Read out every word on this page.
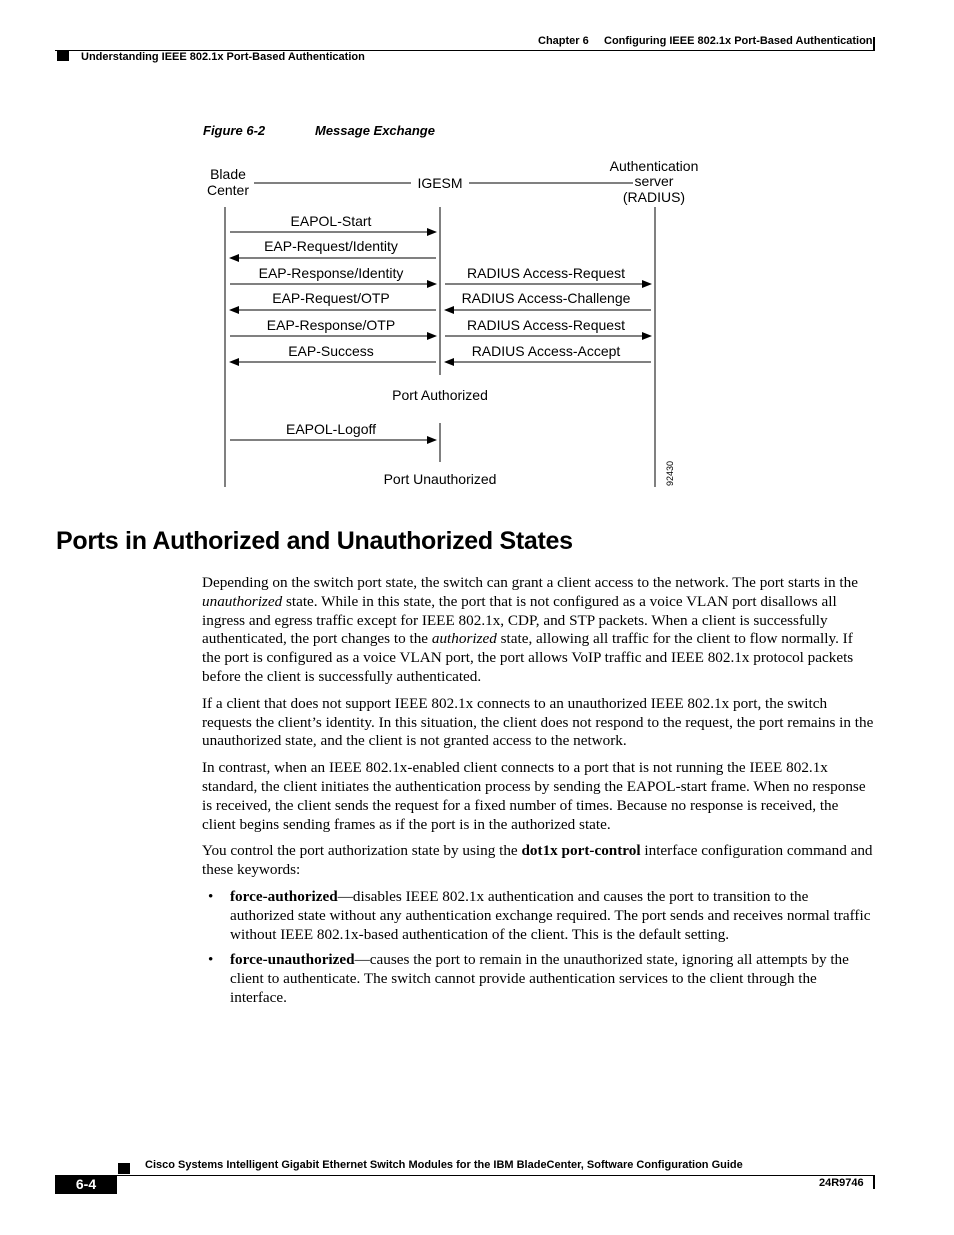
Chapter 6 Configuring IEEE 802.1x Port-Based Authentication
Understanding IEEE 802.1x Port-Based Authentication
Figure 6-2	Message Exchange
Blade
Center	IGESM
Authentication
server
(RADIUS)
EAPOL-Start
EAP-Request/Identity
EAP-Response/Identity
EAP-Request/OTP
EAP-Response/OTP
EAP-Success
RADIUS Access-Request
RADIUS Access-Challenge
RADIUS Access-Request
RADIUS Access-Accept
Port Authorized
EAPOL-Logoff
Port Unauthorized	92430
Ports in Authorized and Unauthorized States

Depending on the switch port state, the switch can grant a client access to the network. The port starts in the unauthorized state. While in this state, the port that is not configured as a voice VLAN port disallows all ingress and egress traffic except for IEEE 802.1x, CDP, and STP packets. When a client is successfully authenticated, the port changes to the authorized state, allowing all traffic for the client to flow normally. If the port is configured as a voice VLAN port, the port allows VoIP traffic and IEEE 802.1x protocol packets before the client is successfully authenticated.

If a client that does not support IEEE 802.1x connects to an unauthorized IEEE 802.1x port, the switch requests the client’s identity. In this situation, the client does not respond to the request, the port remains in the unauthorized state, and the client is not granted access to the network.

In contrast, when an IEEE 802.1x-enabled client connects to a port that is not running the IEEE 802.1x standard, the client initiates the authentication process by sending the EAPOL-start frame. When no response is received, the client sends the request for a fixed number of times. Because no response is received, the client begins sending frames as if the port is in the authorized state.

You control the port authorization state by using the dot1x port-control interface configuration command and these keywords:

• force-authorized—disables IEEE 802.1x authentication and causes the port to transition to the authorized state without any authentication exchange required. The port sends and receives normal traffic without IEEE 802.1x-based authentication of the client. This is the default setting.
• force-unauthorized—causes the port to remain in the unauthorized state, ignoring all attempts by the client to authenticate. The switch cannot provide authentication services to the client through the interface.
Cisco Systems Intelligent Gigabit Ethernet Switch Modules for the IBM BladeCenter, Software Configuration Guide
6-4	24R9746
